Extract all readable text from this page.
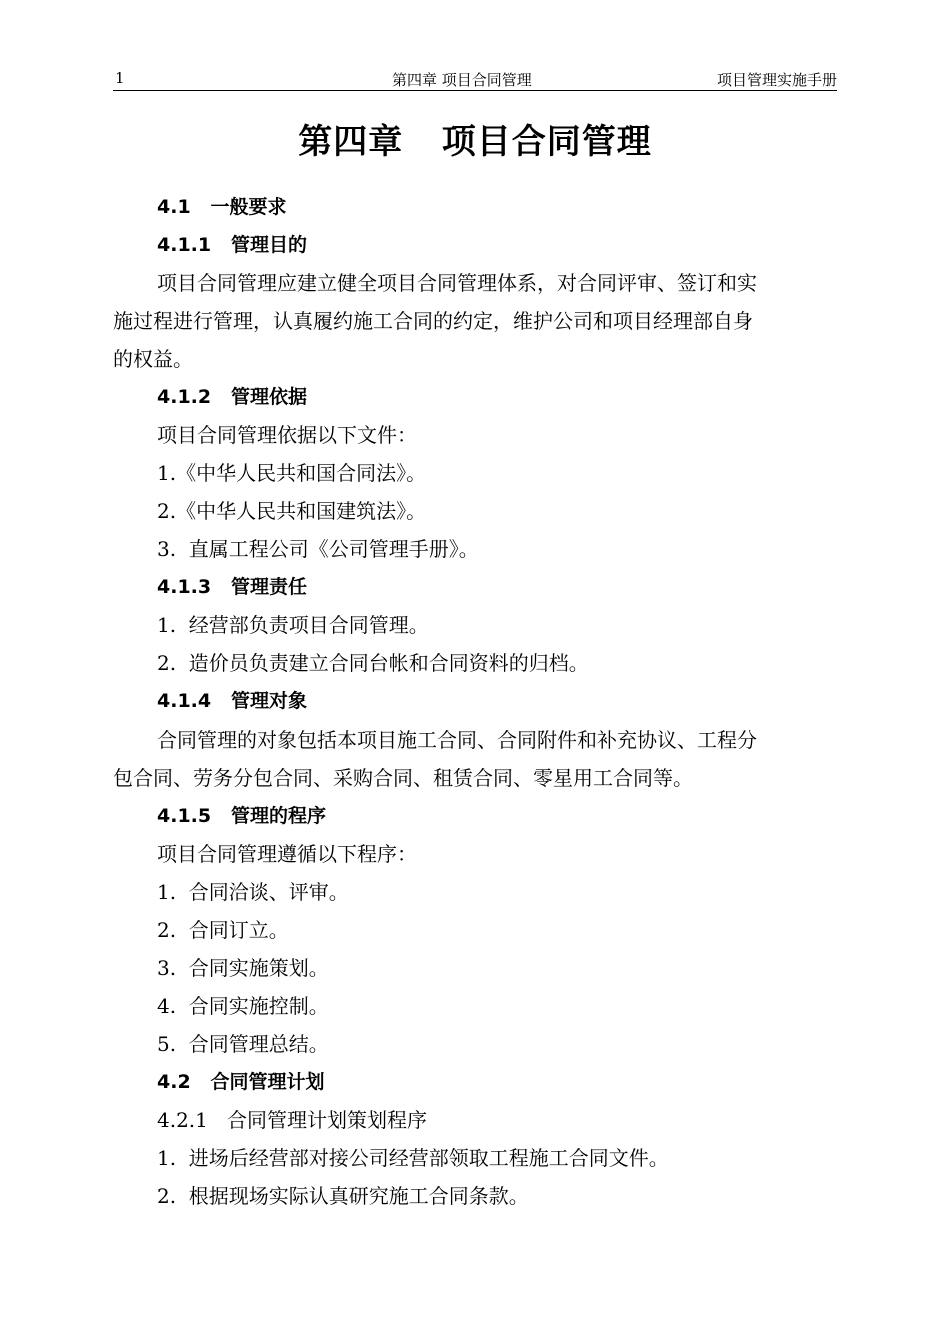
1	第四章 项目合同管理	项目管理实施手册
第四章   项目合同管理
4.1   一般要求
4.1.1   管理目的
项目合同管理应建立健全项目合同管理体系，对合同评审、签订和实
施过程进行管理，认真履约施工合同的约定，维护公司和项目经理部自身
的权益。
4.1.2   管理依据
项目合同管理依据以下文件：
1.《中华人民共和国合同法》。
2.《中华人民共和国建筑法》。
3.  直属工程公司《公司管理手册》。
4.1.3   管理责任
1.  经营部负责项目合同管理。
2.  造价员负责建立合同台帐和合同资料的归档。
4.1.4   管理对象
合同管理的对象包括本项目施工合同、合同附件和补充协议、工程分
包合同、劳务分包合同、采购合同、租赁合同、零星用工合同等。
4.1.5   管理的程序
项目合同管理遵循以下程序：
1.  合同洽谈、评审。
2.  合同订立。
3.  合同实施策划。
4.  合同实施控制。
5.  合同管理总结。
4.2   合同管理计划
4.2.1   合同管理计划策划程序
1.  进场后经营部对接公司经营部领取工程施工合同文件。
2.  根据现场实际认真研究施工合同条款。
